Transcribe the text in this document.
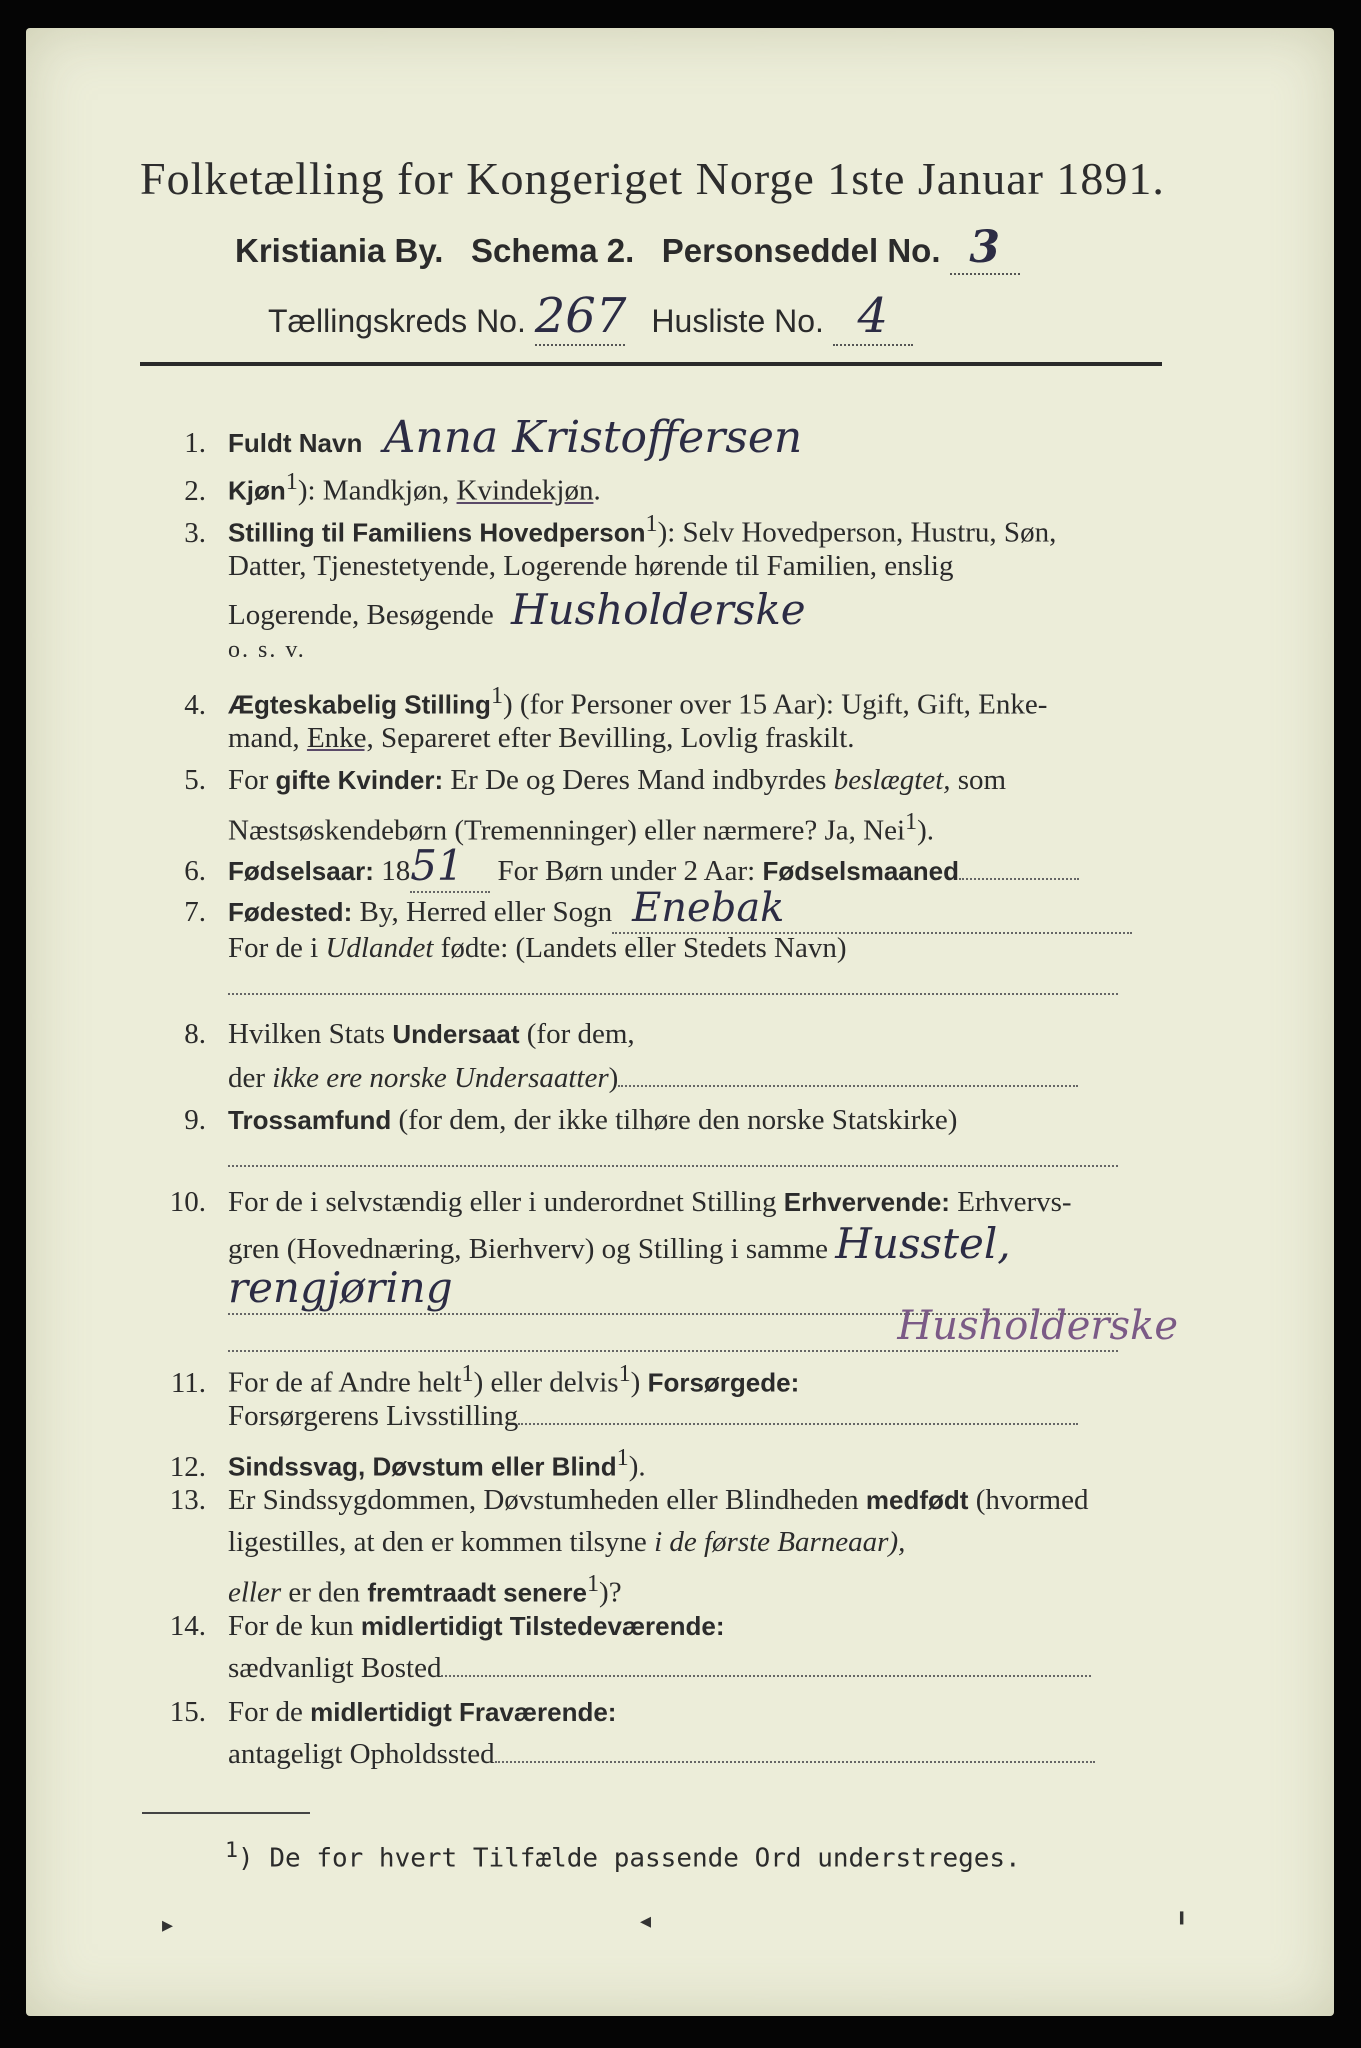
Folketælling for Kongeriget Norge 1ste Januar 1891.
Kristiania By. Schema 2. Personseddel No. 3
Tællingskreds No. 267 Husliste No. 4
1. Fuldt Navn Anna Kristoffersen
2. Kjøn$^1$): Mandkjøn, Kvindekjøn.
3. Stilling til Familiens Hovedperson$^1$): Selv Hovedperson, Hustru, Søn,
Datter, Tjenestetyende, Logerende hørende til Familien, enslig
Logerende, Besøgende Husholderske
o. s. v.
4. Ægteskabelig Stilling$^1$) (for Personer over 15 Aar): Ugift, Gift, Enke-
mand, Enke, Separeret efter Bevilling, Lovlig fraskilt.
5. For gifte Kvinder: Er De og Deres Mand indbyrdes beslægtet, som
Næstsøskendebørn (Tremenninger) eller nærmere? Ja, Nei$^1$).
6. Fødselsaar: 1851 For Børn under 2 Aar: Fødselsmaaned
7. Fødested: By, Herred eller Sogn Enebak
For de i Udlandet fødte: (Landets eller Stedets Navn)
8. Hvilken Stats Undersaat (for dem,
der ikke ere norske Undersaatter)
9. Trossamfund (for dem, der ikke tilhøre den norske Statskirke)
10. For de i selvstændig eller i underordnet Stilling Erhvervende: Erhvervs-
gren (Hovednæring, Bierhverv) og Stilling i samme Husstel,
rengjøring
Husholderske
11. For de af Andre helt$^1$) eller delvis$^1$) Forsørgede:
Forsørgerens Livsstilling
12. Sindssvag, Døvstum eller Blind$^1$).
13. Er Sindssygdommen, Døvstumheden eller Blindheden medfødt (hvormed
ligestilles, at den er kommen tilsyne i de første Barneaar),
eller er den fremtraadt senere$^1$)?
14. For de kun midlertidigt Tilstedeværende:
sædvanligt Bosted
15. For de midlertidigt Fraværende:
antageligt Opholdssted
$^1$) De for hvert Tilfælde passende Ord understreges.
▸	◂	╹
